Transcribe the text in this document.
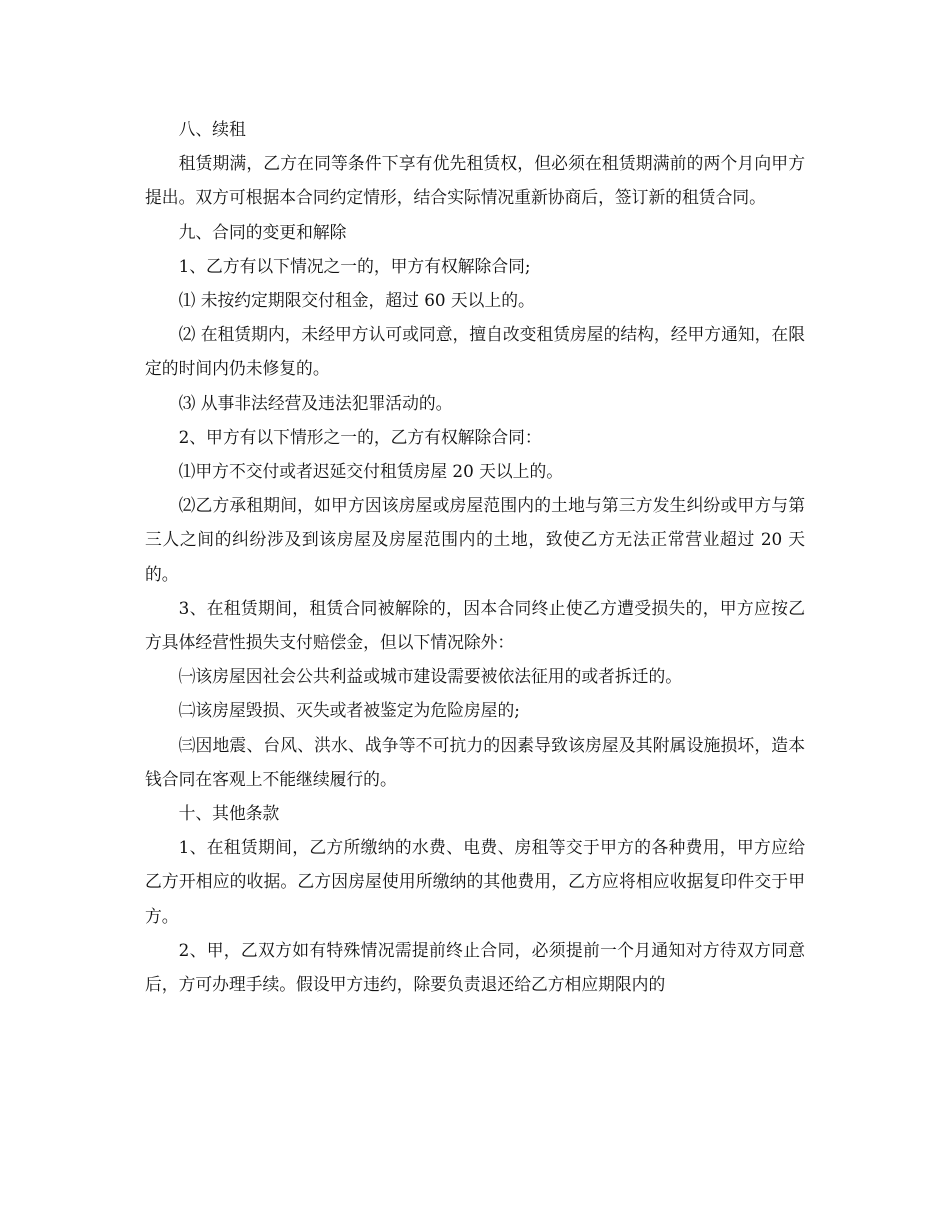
八、续租

租赁期满，乙方在同等条件下享有优先租赁权，但必须在租赁期满前的两个月向甲方提出。双方可根据本合同约定情形，结合实际情况重新协商后，签订新的租赁合同。

九、合同的变更和解除

1、乙方有以下情况之一的，甲方有权解除合同;

⑴ 未按约定期限交付租金，超过 60 天以上的。

⑵ 在租赁期内，未经甲方认可或同意，擅自改变租赁房屋的结构，经甲方通知，在限定的时间内仍未修复的。

⑶ 从事非法经营及违法犯罪活动的。

2、甲方有以下情形之一的，乙方有权解除合同：

⑴甲方不交付或者迟延交付租赁房屋 20 天以上的。

⑵乙方承租期间，如甲方因该房屋或房屋范围内的土地与第三方发生纠纷或甲方与第三人之间的纠纷涉及到该房屋及房屋范围内的土地，致使乙方无法正常营业超过 20 天的。

3、在租赁期间，租赁合同被解除的，因本合同终止使乙方遭受损失的，甲方应按乙方具体经营性损失支付赔偿金，但以下情况除外：

㈠该房屋因社会公共利益或城市建设需要被依法征用的或者拆迁的。

㈡该房屋毁损、灭失或者被鉴定为危险房屋的;

㈢因地震、台风、洪水、战争等不可抗力的因素导致该房屋及其附属设施损坏，造本钱合同在客观上不能继续履行的。

十、其他条款

1、在租赁期间，乙方所缴纳的水费、电费、房租等交于甲方的各种费用，甲方应给乙方开相应的收据。乙方因房屋使用所缴纳的其他费用，乙方应将相应收据复印件交于甲方。

2、甲，乙双方如有特殊情况需提前终止合同，必须提前一个月通知对方待双方同意后，方可办理手续。假设甲方违约，除要负责退还给乙方相应期限内的
